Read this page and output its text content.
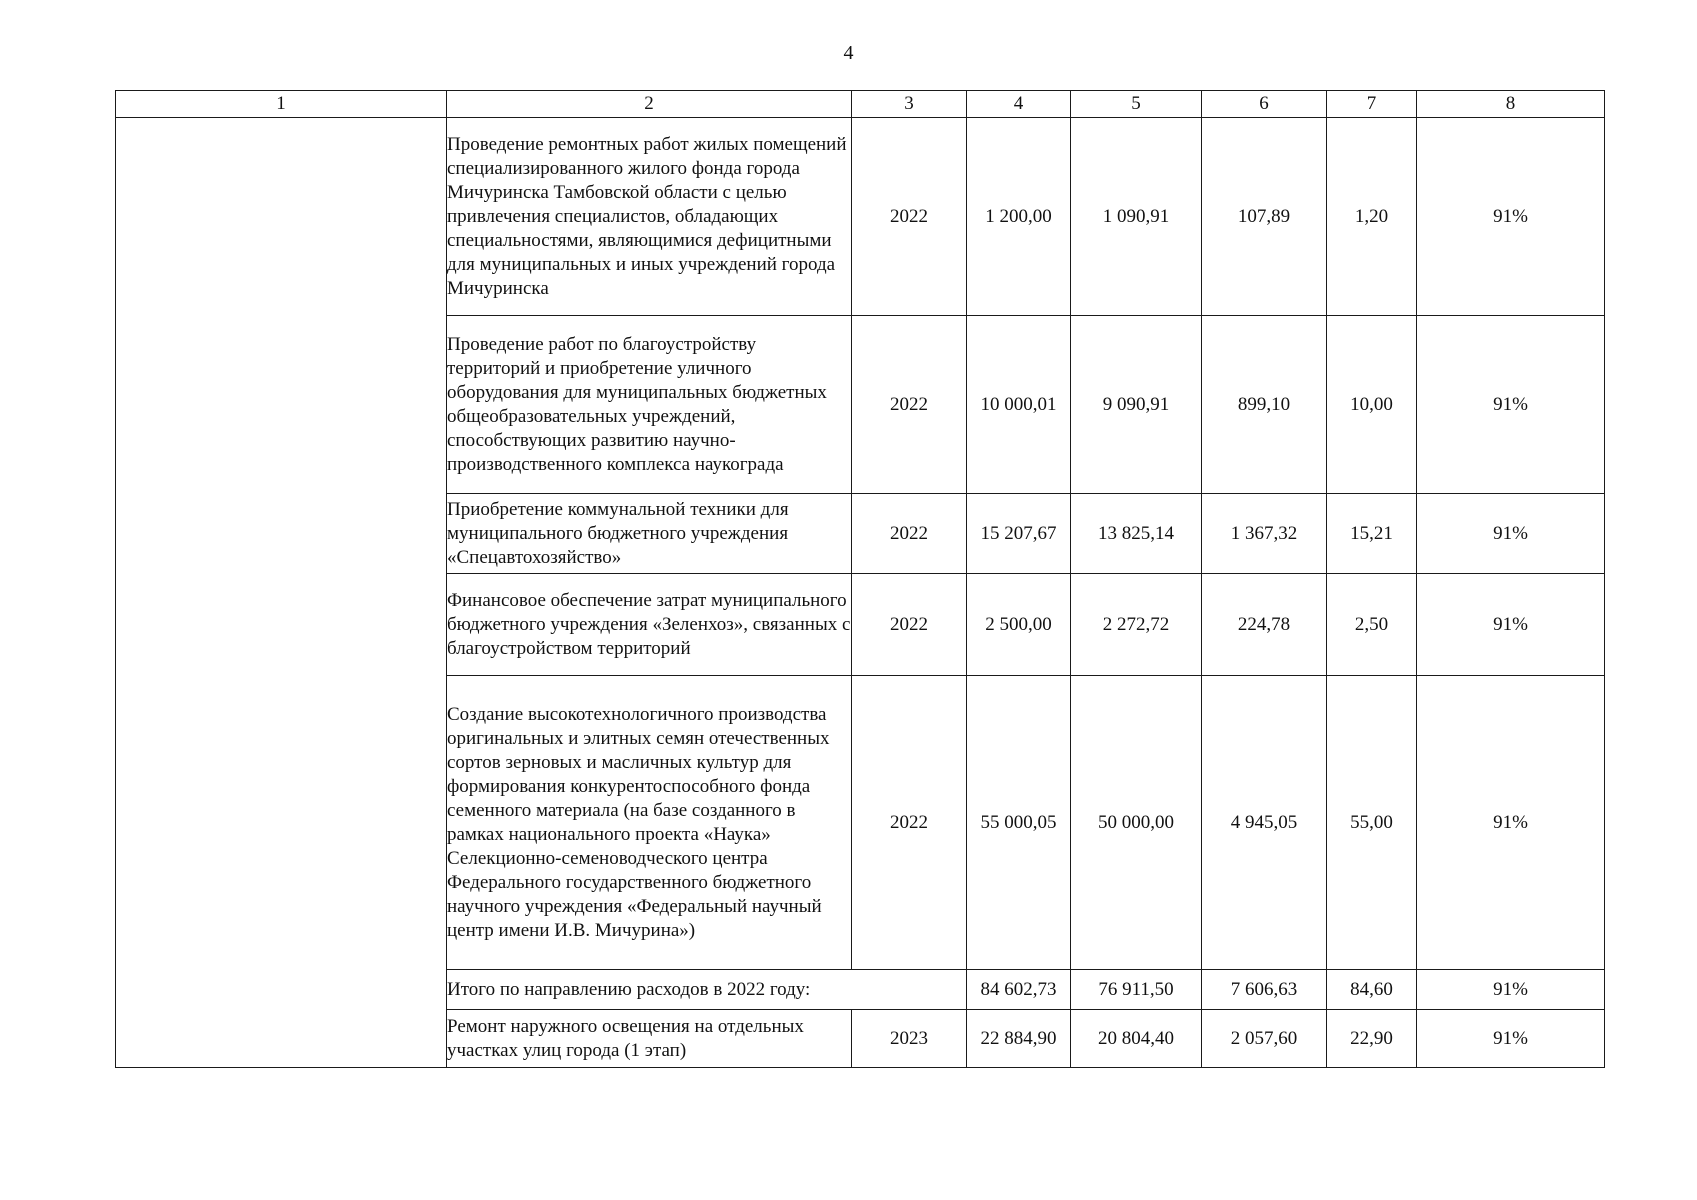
4
1	2	3	4	5	6	7	8
	Проведение ремонтных работ жилых помещений специализированного жилого фонда города Мичуринска Тамбовской области с целью привлечения специалистов, обладающих специальностями, являющимися дефицитными для муниципальных и иных учреждений города Мичуринска	2022	1 200,00	1 090,91	107,89	1,20	91%
	Проведение работ по благоустройству территорий и приобретение уличного оборудования для муниципальных бюджетных общеобразовательных учреждений, способствующих развитию научно-производственного комплекса наукограда	2022	10 000,01	9 090,91	899,10	10,00	91%
	Приобретение коммунальной техники для муниципального бюджетного учреждения «Спецавтохозяйство»	2022	15 207,67	13 825,14	1 367,32	15,21	91%
	Финансовое обеспечение затрат муниципального бюджетного учреждения «Зеленхоз», связанных с благоустройством территорий	2022	2 500,00	2 272,72	224,78	2,50	91%
	Создание высокотехнологичного производства оригинальных и элитных семян отечественных сортов зерновых и масличных культур для формирования конкурентоспособного фонда семенного материала (на базе созданного в рамках национального проекта «Наука» Селекционно-семеноводческого центра Федерального государственного бюджетного научного учреждения «Федеральный научный центр имени И.В. Мичурина»)	2022	55 000,05	50 000,00	4 945,05	55,00	91%
	Итого по направлению расходов в 2022 году:		84 602,73	76 911,50	7 606,63	84,60	91%
	Ремонт наружного освещения на отдельных участках улиц города (1 этап)	2023	22 884,90	20 804,40	2 057,60	22,90	91%
